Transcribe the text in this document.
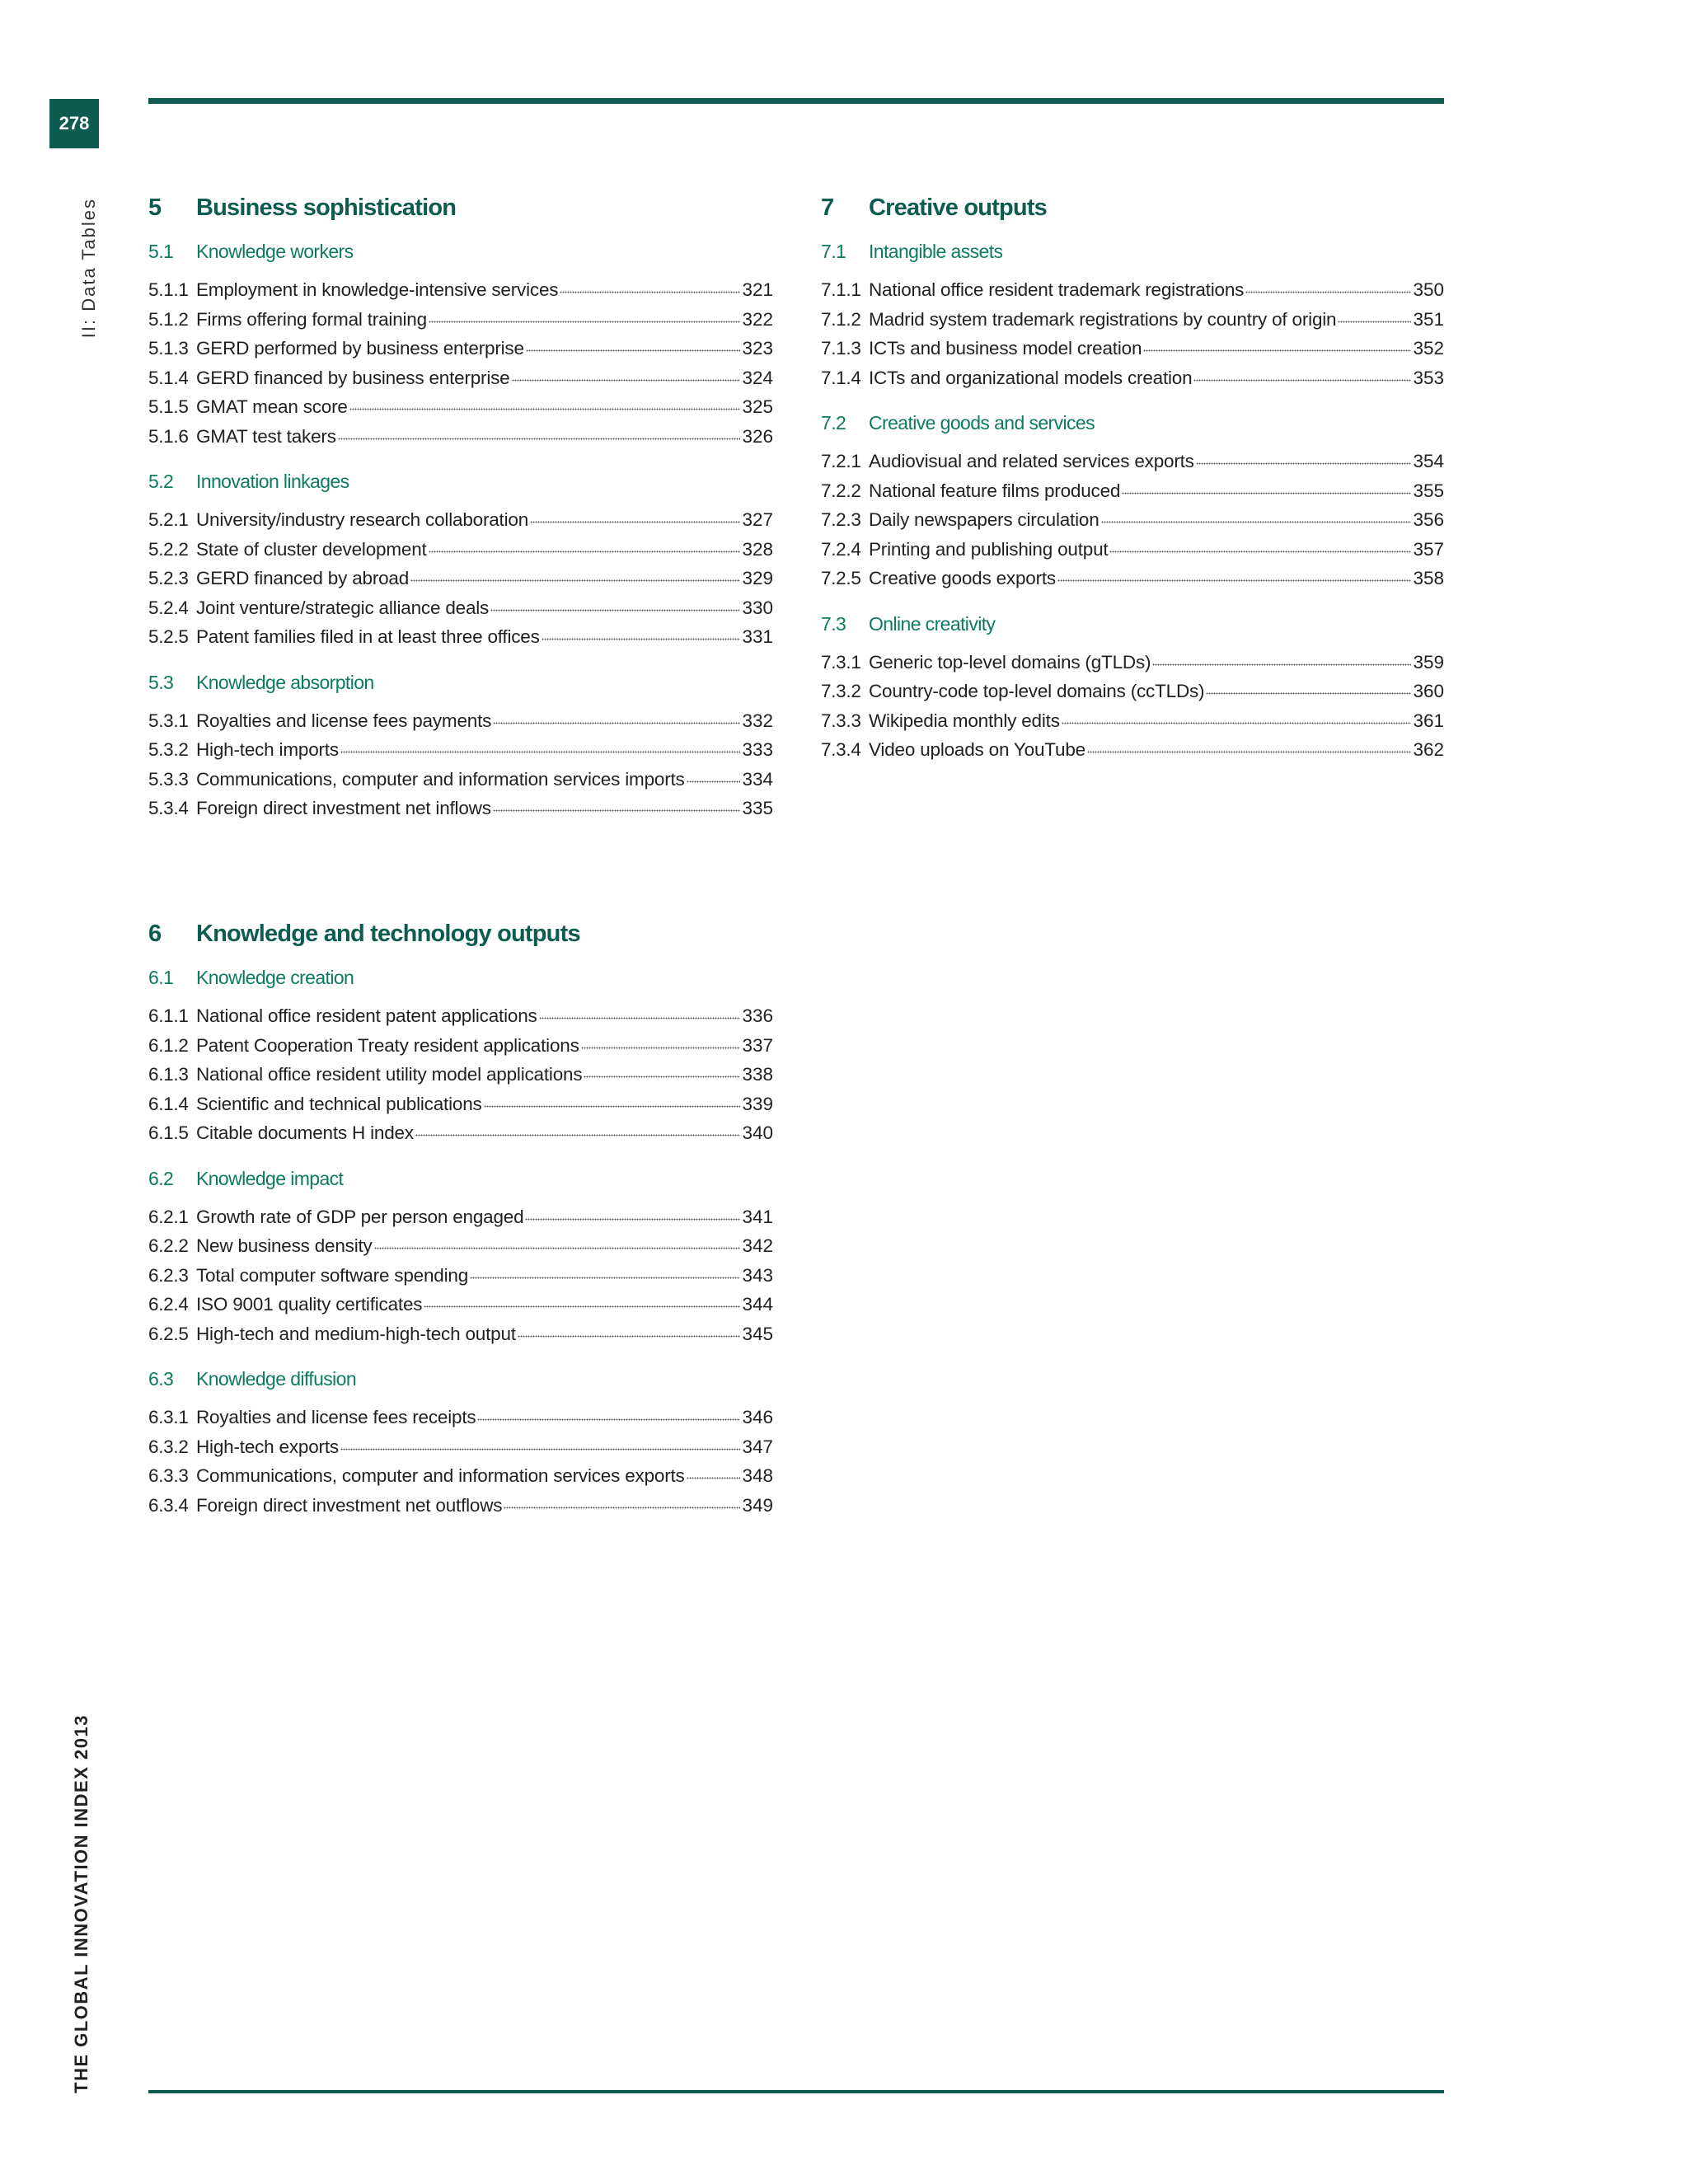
278
II: Data Tables
THE GLOBAL INNOVATION INDEX 2013
5	Business sophistication
5.1	Knowledge workers
5.1.1 Employment in knowledge-intensive services	321
5.1.2 Firms offering formal training	322
5.1.3 GERD performed by business enterprise	323
5.1.4 GERD financed by business enterprise	324
5.1.5 GMAT mean score	325
5.1.6 GMAT test takers	326
5.2	Innovation linkages
5.2.1 University/industry research collaboration	327
5.2.2 State of cluster development	328
5.2.3 GERD financed by abroad	329
5.2.4 Joint venture/strategic alliance deals	330
5.2.5 Patent families filed in at least three offices	331
5.3	Knowledge absorption
5.3.1 Royalties and license fees payments	332
5.3.2 High-tech imports	333
5.3.3 Communications, computer and information services imports	334
5.3.4 Foreign direct investment net inflows	335
6	Knowledge and technology outputs
6.1	Knowledge creation
6.1.1 National office resident patent applications	336
6.1.2 Patent Cooperation Treaty resident applications	337
6.1.3 National office resident utility model applications	338
6.1.4 Scientific and technical publications	339
6.1.5 Citable documents H index	340
6.2	Knowledge impact
6.2.1 Growth rate of GDP per person engaged	341
6.2.2 New business density	342
6.2.3 Total computer software spending	343
6.2.4 ISO 9001 quality certificates	344
6.2.5 High-tech and medium-high-tech output	345
6.3	Knowledge diffusion
6.3.1 Royalties and license fees receipts	346
6.3.2 High-tech exports	347
6.3.3 Communications, computer and information services exports	348
6.3.4 Foreign direct investment net outflows	349
7	Creative outputs
7.1	Intangible assets
7.1.1 National office resident trademark registrations	350
7.1.2 Madrid system trademark registrations by country of origin	351
7.1.3 ICTs and business model creation	352
7.1.4 ICTs and organizational models creation	353
7.2	Creative goods and services
7.2.1 Audiovisual and related services exports	354
7.2.2 National feature films produced	355
7.2.3 Daily newspapers circulation	356
7.2.4 Printing and publishing output	357
7.2.5 Creative goods exports	358
7.3	Online creativity
7.3.1 Generic top-level domains (gTLDs)	359
7.3.2 Country-code top-level domains (ccTLDs)	360
7.3.3 Wikipedia monthly edits	361
7.3.4 Video uploads on YouTube	362
